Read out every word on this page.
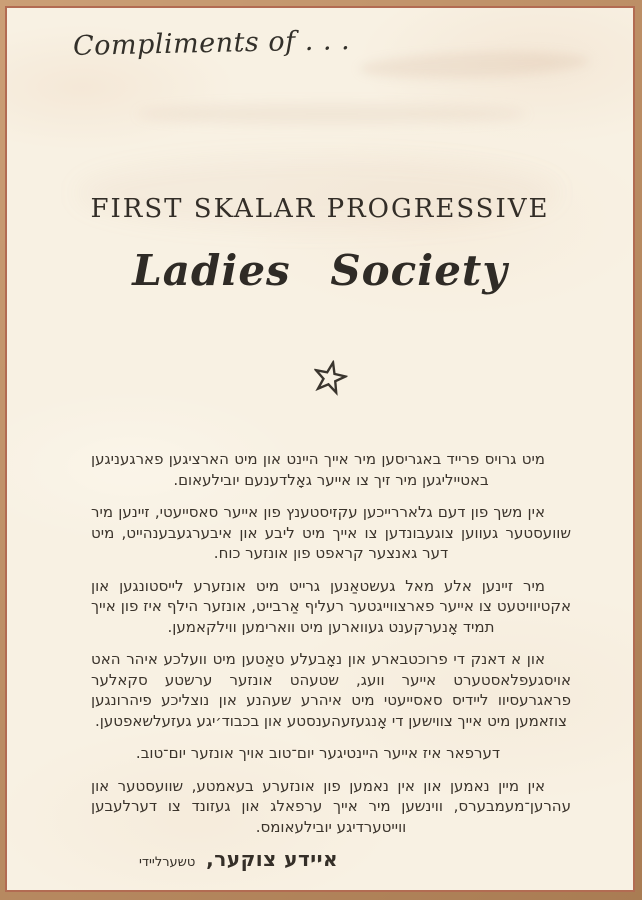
Compliments of . . .
FIRST SKALAR PROGRESSIVE
Ladies Society

מיט גרויס פרייד באגריסען מיר אייך היינט און מיט הארציגען פארגעניגען באטייליגען מיר זיך צו אייער גאָלדענעם יובילעאום.

אין משך פון דעם גלאררייכען עקזיסטענץ פון אייער סאסייעטי, זיינען מיר שוועסטער געווען צוגעבונדען צו אייך מיט ליבע און איבערגעבענהייט, מיט דער גאנצער קראפט פון אונזער כוח.

מיר זיינען אלע מאל געשטאַנען גרייט מיט אונזערע לייסטונגען און אקטיוויטעט צו אייער פארצווייגטער רעליף אַרבייט, אונזער הילף איז פון אייך תמיד אָנערקענט געווארען מיט ווארימען ווילקאמען.

און א דאנק די פרוכטבארע און נאָבעלע טאַטען מיט וועלכע איהר האט אויסגעפלאסטערט אייער וועג, שטעהט אונזער ערשטע סקאלער פראגרעסיוו ליידיס סאסייעטי מיט איהרע שעהנע און נוצליכע פיהרונגען צוזאמען מיט אייך צווישען די אָנגעזעהענסטע און בכבוד׳יגע געזעלשאפטען.

דערפאר איז אייער היינטיגער יום־טוב אויך אונזער יום־טוב.

אין מיין נאמען און אין נאמען פון אונזערע בעאמטע, שוועסטער און עהרען־מעמבערס, ווינשען מיר אייך ערפאלג און געזונד צו דערלעבען ווייטערדיגע יובילעאומס.

איידע צוקער, טשערליידי
